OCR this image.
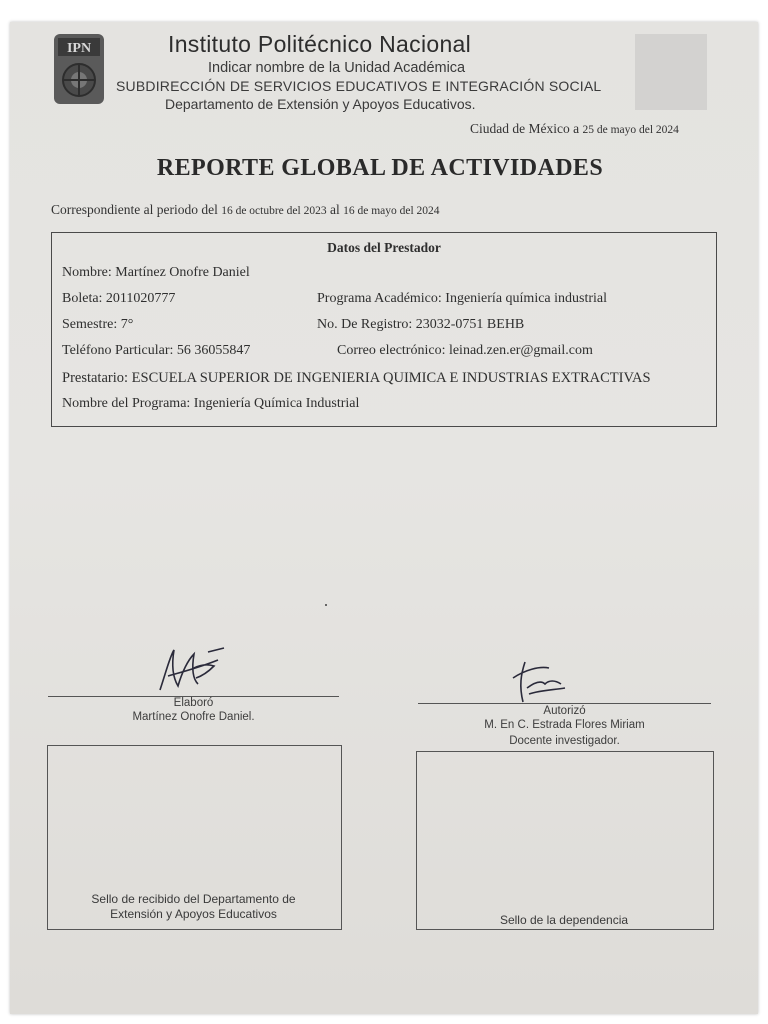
IPN	Instituto Politécnico Nacional
Indicar nombre de la Unidad Académica
SUBDIRECCIÓN DE SERVICIOS EDUCATIVOS E INTEGRACIÓN SOCIAL
Departamento de Extensión y Apoyos Educativos.
Ciudad de México a 25 de mayo del 2024
REPORTE GLOBAL DE ACTIVIDADES
Correspondiente al periodo del 16 de octubre del 2023 al 16 de mayo del 2024
Datos del Prestador
Nombre: Martínez Onofre Daniel
Boleta: 2011020777	Programa Académico: Ingeniería química industrial
Semestre: 7°	No. De Registro: 23032-0751 BEHB
Teléfono Particular: 56 36055847	Correo electrónico: leinad.zen.er@gmail.com
Prestatario: ESCUELA SUPERIOR DE INGENIERIA QUIMICA E INDUSTRIAS EXTRACTIVAS
Nombre del Programa: Ingeniería Química Industrial
Elaboró
Martínez Onofre Daniel.	Autorizó
M. En C. Estrada Flores Miriam
Docente investigador.
Sello de recibido del Departamento de
Extensión y Apoyos Educativos	Sello de la dependencia
